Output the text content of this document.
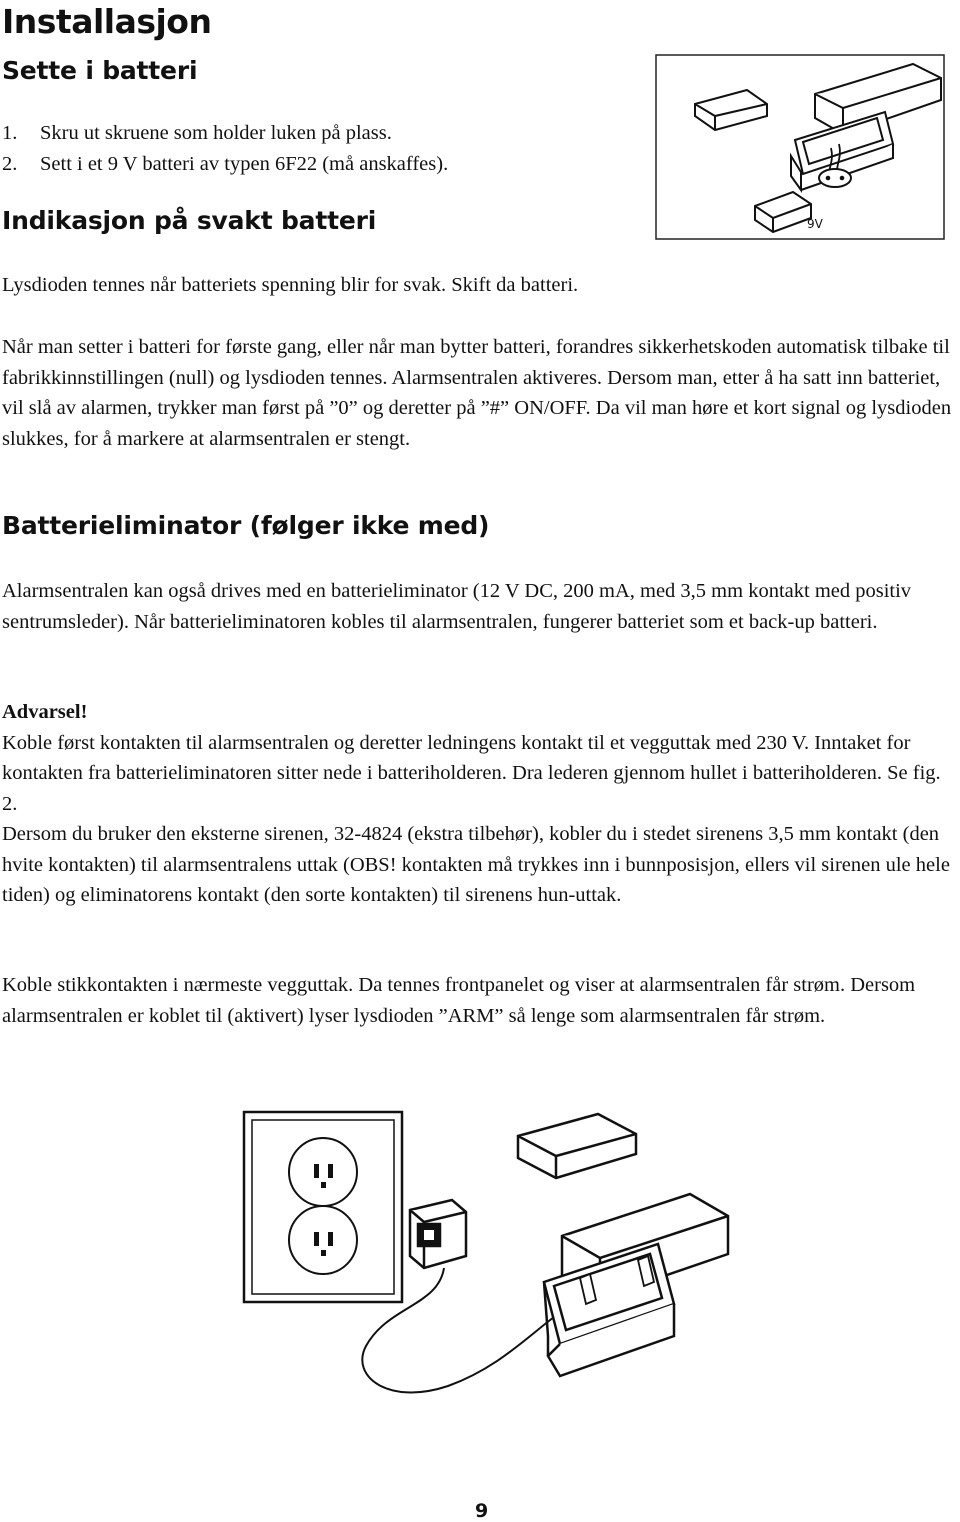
Installasjon
Sette i batteri
1. Skru ut skruene som holder luken på plass.
2. Sett i et 9 V batteri av typen 6F22 (må anskaffes).
Indikasjon på svakt batteri

Lysdioden tennes når batteriets spenning blir for svak. Skift da batteri.

Når man setter i batteri for første gang, eller når man bytter batteri, forandres sikkerhetskoden automatisk tilbake til fabrikkinnstillingen (null) og lysdioden tennes. Alarmsentralen aktiveres. Dersom man, etter å ha satt inn batteriet, vil slå av alarmen, trykker man først på ”0” og deretter på ”#” ON/OFF. Da vil man høre et kort signal og lysdioden slukkes, for å markere at alarmsentralen er stengt.

Batterieliminator (følger ikke med)

Alarmsentralen kan også drives med en batterieliminator (12 V DC, 200 mA, med 3,5 mm kontakt med positiv sentrumsleder). Når batterieliminatoren kobles til alarmsentralen, fungerer batteriet som et back-up batteri.

Advarsel!

Koble først kontakten til alarmsentralen og deretter ledningens kontakt til et vegguttak med 230 V. Inntaket for kontakten fra batterieliminatoren sitter nede i batteriholderen. Dra lederen gjennom hullet i batteriholderen. Se fig. 2.

Dersom du bruker den eksterne sirenen, 32-4824 (ekstra tilbehør), kobler du i stedet sirenens 3,5 mm kontakt (den hvite kontakten) til alarmsentralens uttak (OBS! kontakten må trykkes inn i bunnposisjon, ellers vil sirenen ule hele tiden) og eliminatorens kontakt (den sorte kontakten) til sirenens hun-uttak.

Koble stikkontakten i nærmeste vegguttak. Da tennes frontpanelet og viser at alarmsentralen får strøm. Dersom alarmsentralen er koblet til (aktivert) lyser lysdioden ”ARM” så lenge som alarmsentralen får strøm.

9V
9
